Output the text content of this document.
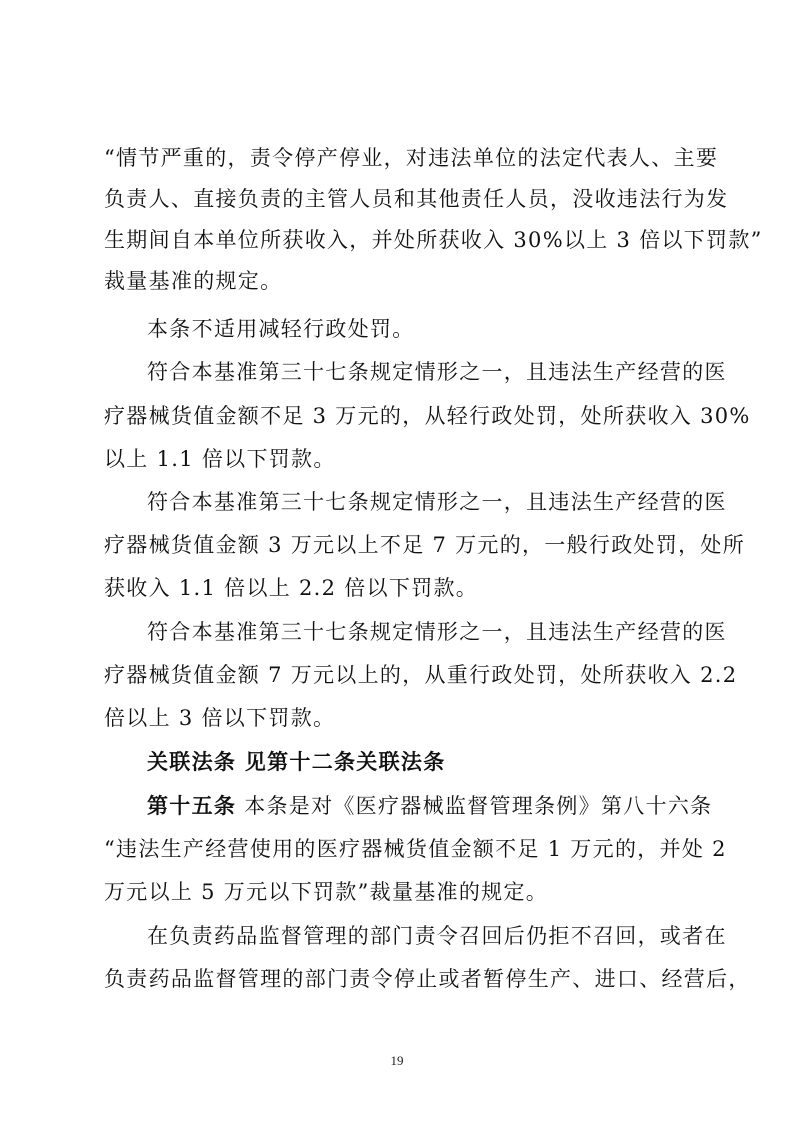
“情节严重的，责令停产停业，对违法单位的法定代表人、主要
负责人、直接负责的主管人员和其他责任人员，没收违法行为发
生期间自本单位所获收入，并处所获收入 30%以上 3 倍以下罚款”
裁量基准的规定。
本条不适用减轻行政处罚。
符合本基准第三十七条规定情形之一，且违法生产经营的医
疗器械货值金额不足 3 万元的，从轻行政处罚，处所获收入 30%
以上 1.1 倍以下罚款。
符合本基准第三十七条规定情形之一，且违法生产经营的医
疗器械货值金额 3 万元以上不足 7 万元的，一般行政处罚，处所
获收入 1.1 倍以上 2.2 倍以下罚款。
符合本基准第三十七条规定情形之一，且违法生产经营的医
疗器械货值金额 7 万元以上的，从重行政处罚，处所获收入 2.2
倍以上 3 倍以下罚款。
关联法条 见第十二条关联法条
第十五条 本条是对《医疗器械监督管理条例》第八十六条
“违法生产经营使用的医疗器械货值金额不足 1 万元的，并处 2
万元以上 5 万元以下罚款”裁量基准的规定。
在负责药品监督管理的部门责令召回后仍拒不召回，或者在
负责药品监督管理的部门责令停止或者暂停生产、进口、经营后，
19
